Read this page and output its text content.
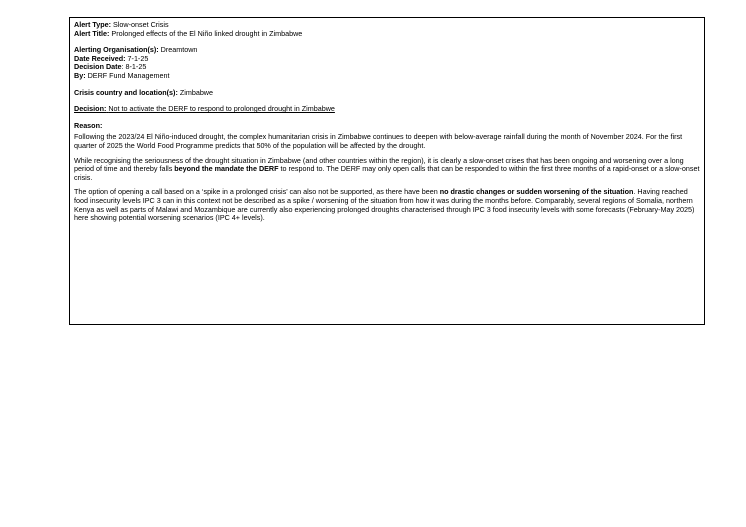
Alert Type: Slow-onset Crisis

Alert Title: Prolonged effects of the El Niño linked drought in Zimbabwe

Alerting Organisation(s): Dreamtown

Date Received: 7-1-25

Decision Date: 8-1-25

By: DERF Fund Management

Crisis country and location(s): Zimbabwe

Decision: Not to activate the DERF to respond to prolonged drought in Zimbabwe

Reason:

Following the 2023/24 El Niño-induced drought, the complex humanitarian crisis in Zimbabwe continues to deepen with below-average rainfall during the month of November 2024. For the first quarter of 2025 the World Food Programme predicts that 50% of the population will be affected by the drought.

While recognising the seriousness of the drought situation in Zimbabwe (and other countries within the region), it is clearly a slow-onset crises that has been ongoing and worsening over a long period of time and thereby falls beyond the mandate the DERF to respond to. The DERF may only open calls that can be responded to within the first three months of a rapid-onset or a slow-onset crisis.

The option of opening a call based on a ‘spike in a prolonged crisis’ can also not be supported, as there have been no drastic changes or sudden worsening of the situation. Having reached food insecurity levels IPC 3 can in this context not be described as a spike / worsening of the situation from how it was during the months before. Comparably, several regions of Somalia, northern Kenya as well as parts of Malawi and Mozambique are currently also experiencing prolonged droughts characterised through IPC 3 food insecurity levels with some forecasts (February-May 2025) here showing potential worsening scenarios (IPC 4+ levels).
